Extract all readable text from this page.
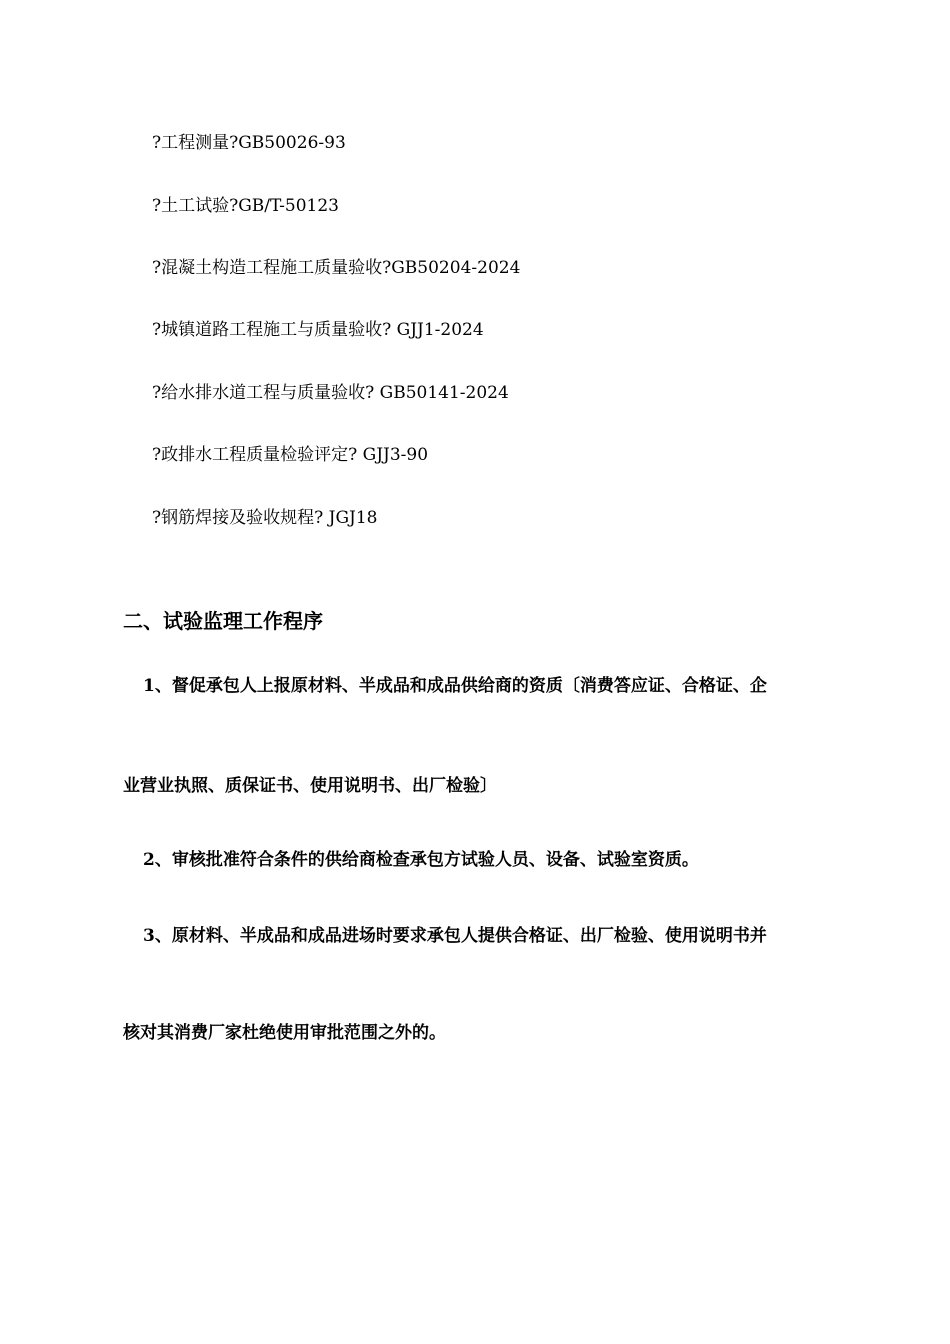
?工程测量?GB50026-93
?土工试验?GB/T-50123
?混凝土构造工程施工质量验收?GB50204-2024
?城镇道路工程施工与质量验收? GJJ1-2024
?给水排水道工程与质量验收? GB50141-2024
?政排水工程质量检验评定? GJJ3-90
?钢筋焊接及验收规程? JGJ18
二、试验监理工作程序
1、督促承包人上报原材料、半成品和成品供给商的资质〔消费答应证、合格证、企
业营业执照、质保证书、使用说明书、出厂检验〕
2、审核批准符合条件的供给商检查承包方试验人员、设备、试验室资质。
3、原材料、半成品和成品进场时要求承包人提供合格证、出厂检验、使用说明书并
核对其消费厂家杜绝使用审批范围之外的。
